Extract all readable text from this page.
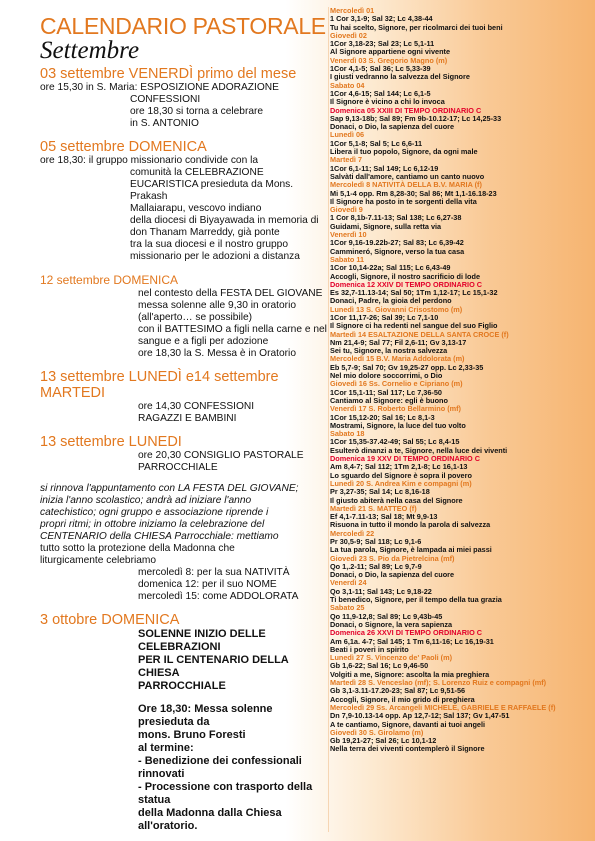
CALENDARIO PASTORALE
Settembre
03 settembre VENERDÌ primo del mese
ore 15,30 in S. Maria: ESPOSIZIONE ADORAZIONE
CONFESSIONI
ore 18,30 si torna a celebrare
in S. ANTONIO
05 settembre DOMENICA
ore 18,30: il gruppo missionario condivide con la
comunità la CELEBRAZIONE
EUCARISTICA presieduta da Mons. Prakash
Mallaiarapu, vescovo indiano
della diocesi di Biyayawada in memoria di
don Thanam Marreddy, già ponte
tra la sua diocesi e il nostro gruppo
missionario per le adozioni a distanza
12 settembre DOMENICA
nel contesto della FESTA DEL GIOVANE
messa solenne alle 9,30 in oratorio
(all'aperto… se possibile)
con il BATTESIMO a figli nella carne e nel
sangue e a figli per adozione
ore 18,30 la S. Messa è in Oratorio
13 settembre LUNEDÌ e14 settembre MARTEDI
ore 14,30 CONFESSIONI
RAGAZZI E BAMBINI
13 settembre LUNEDI
ore 20,30 CONSIGLIO PASTORALE
PARROCCHIALE
si rinnova l'appuntamento con LA FESTA DEL GIOVANE;
inizia l'anno scolastico; andrà ad iniziare l'anno
catechistico; ogni gruppo e associazione riprende i
propri ritmi; in ottobre iniziamo la celebrazione del
CENTENARIO della CHIESA Parrocchiale: mettiamo
tutto sotto la protezione della Madonna che
liturgicamente celebriamo
mercoledì 8: per la sua NATIVITÀ
domenica 12: per il suo NOME
mercoledì 15: come ADDOLORATA
3 ottobre DOMENICA
SOLENNE INIZIO DELLE CELEBRAZIONI
PER IL CENTENARIO DELLA CHIESA
PARROCCHIALE
Ore 18,30: Messa solenne presieduta da
mons. Bruno Foresti
al termine:
- Benedizione dei confessionali rinnovati
- Processione con trasporto della statua
della Madonna dalla Chiesa all'oratorio.
Mercoledì 01
1 Cor 3,1-9; Sal 32; Lc 4,38-44
Tu hai scelto, Signore, per ricolmarci dei tuoi beni
Giovedì 02
1Cor 3,18-23; Sal 23; Lc 5,1-11
Al Signore appartiene ogni vivente
Venerdì 03 S. Gregorio Magno (m)
1Cor 4,1-5; Sal 36; Lc 5,33-39
I giusti vedranno la salvezza del Signore
Sabato 04
1Cor 4,6-15; Sal 144; Lc 6,1-5
Il Signore è vicino a chi lo invoca
Domenica 05 XXIII DI TEMPO ORDINARIO C
Sap 9,13-18b; Sal 89; Fm 9b-10.12-17; Lc 14,25-33
Donaci, o Dio, la sapienza del cuore
Lunedì 06
1Cor 5,1-8; Sal 5; Lc 6,6-11
Libera il tuo popolo, Signore, da ogni male
Martedì 7
1Cor 6,1-11; Sal 149; Lc 6,12-19
Salvàti dall'amore, cantiamo un canto nuovo
Mercoledì 8 NATIVITÀ DELLA B.V. MARIA (f)
Mi 5,1-4 opp. Rm 8,28-30; Sal 86; Mt 1,1-16.18-23
Il Signore ha posto in te sorgenti della vita
Giovedì 9
1 Cor 8,1b-7.11-13; Sal 138; Lc 6,27-38
Guidami, Signore, sulla retta via
Venerdì 10
1Cor 9,16-19.22b-27; Sal 83; Lc 6,39-42
Cammineró, Signore, verso la tua casa
Sabato 11
1Cor 10,14-22a; Sal 115; Lc 6,43-49
Accogli, Signore, il nostro sacrificio di lode
Domenica 12 XXIV DI TEMPO ORDINARIO C
Es 32,7-11.13-14; Sal 50; 1Tm 1,12-17; Lc 15,1-32
Donaci, Padre, la gioia del perdono
Lunedì 13 S. Giovanni Crisostomo (m)
1Cor 11,17-26; Sal 39; Lc 7,1-10
Il Signore ci ha redenti nel sangue del suo Figlio
Martedì 14 ESALTAZIONE DELLA SANTA CROCE (f)
Nm 21,4-9; Sal 77; Fil 2,6-11; Gv 3,13-17
Sei tu, Signore, la nostra salvezza
Mercoledì 15 B.V. Maria Addolorata (m)
Eb 5,7-9; Sal 70; Gv 19,25-27 opp. Lc 2,33-35
Nel mio dolore soccorrimi, o Dio
Giovedì 16 Ss. Cornelio e Cipriano (m)
1Cor 15,1-11; Sal 117; Lc 7,36-50
Cantiamo al Signore: egli è buono
Venerdì 17 S. Roberto Bellarmino (mf)
1Cor 15,12-20; Sal 16; Lc 8,1-3
Mostrami, Signore, la luce del tuo volto
Sabato 18
1Cor 15,35-37.42-49; Sal 55; Lc 8,4-15
Esulterò dinanzi a te, Signore, nella luce dei viventi
Domenica 19 XXV DI TEMPO ORDINARIO C
Am 8,4-7; Sal 112; 1Tm 2,1-8; Lc 16,1-13
Lo sguardo del Signore è sopra il povero
Lunedì 20 S. Andrea Kim e compagni (m)
Pr 3,27-35; Sal 14; Lc 8,16-18
Il giusto abiterà nella casa del Signore
Martedì 21 S. MATTEO (f)
Ef 4,1-7.11-13; Sal 18; Mt 9,9-13
Risuona in tutto il mondo la parola di salvezza
Mercoledì 22
Pr 30,5-9; Sal 118; Lc 9,1-6
La tua parola, Signore, è lampada ai miei passi
Giovedì 23 S. Pio da Pietrelcina (mf)
Qo 1,.2-11; Sal 89; Lc 9,7-9
Donaci, o Dio, la sapienza del cuore
Venerdì 24
Qo 3,1-11; Sal 143; Lc 9,18-22
Ti benedico, Signore, per il tempo della tua grazia
Sabato 25
Qo 11,9-12,8; Sal 89; Lc 9,43b-45
Donaci, o Signore, la vera sapienza
Domenica 26 XXVI DI TEMPO ORDINARIO C
Am 6,1a. 4-7; Sal 145; 1 Tm 6,11-16; Lc 16,19-31
Beati i poveri in spirito
Lunedì 27 S. Vincenzo de' Paoli (m)
Gb 1,6-22; Sal 16; Lc 9,46-50
Volgiti a me, Signore: ascolta la mia preghiera
Martedì 28 S. Venceslao (mf); S. Lorenzo Ruiz e compagni (mf)
Gb 3,1-3.11-17.20-23; Sal 87; Lc 9,51-56
Accogli, Signore, il mio grido di preghiera
Mercoledì 29 Ss. Arcangeli MICHELE, GABRIELE E RAFFAELE (f)
Dn 7,9-10.13-14 opp. Ap 12,7-12; Sal 137; Gv 1,47-51
A te cantiamo, Signore, davanti ai tuoi angeli
Giovedì 30 S. Girolamo (m)
Gb 19,21-27; Sal 26; Lc 10,1-12
Nella terra dei viventi contemplerò il Signore
